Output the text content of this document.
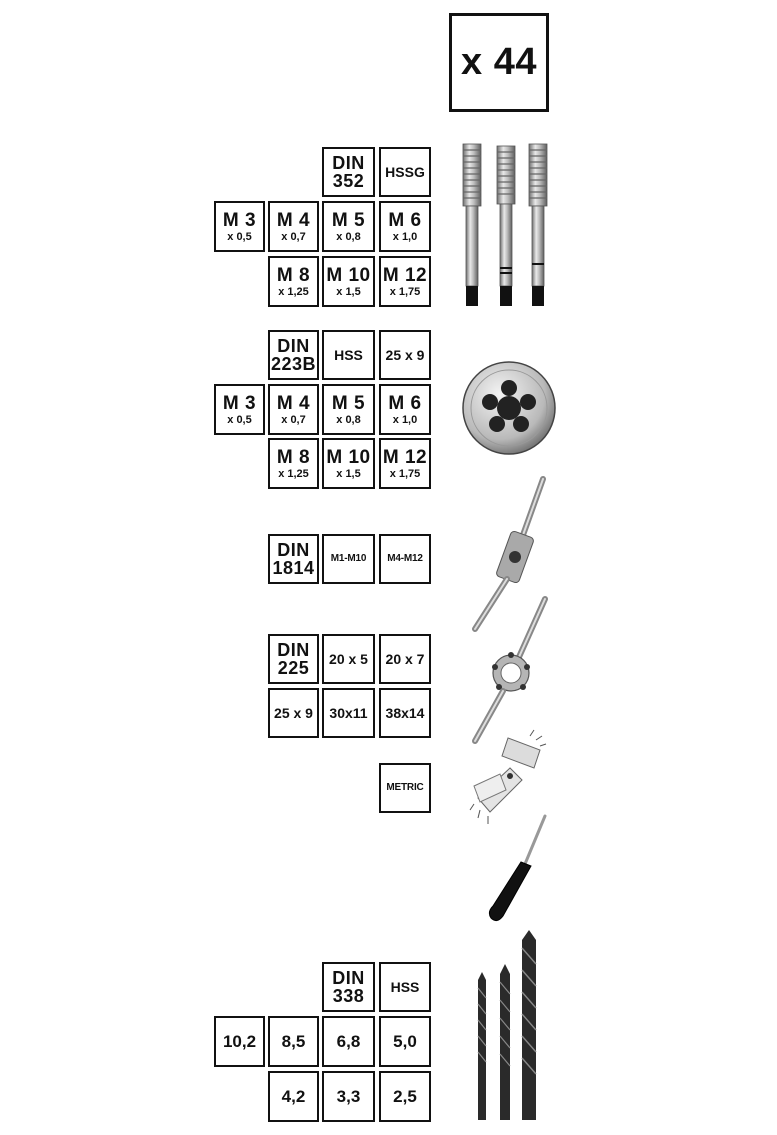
x 44
DIN
352 HSSG
M 3
x 0,5
M 4
x 0,7
M 5
x 0,8
M 6
x 1,0
M 8
x 1,25
M 10
x 1,5
M 12
x 1,75
DIN
223B HSS 25 x 9
M 3
x 0,5
M 4
x 0,7
M 5
x 0,8
M 6
x 1,0
M 8
x 1,25
M 10
x 1,5
M 12
x 1,75
DIN
1814 M1-M10 M4-M12
DIN
225 20 x 5 20 x 7
25 x 9 30x11 38x14
METRIC
DIN
338 HSS
10,2 8,5 6,8 5,0
4,2 3,3 2,5
